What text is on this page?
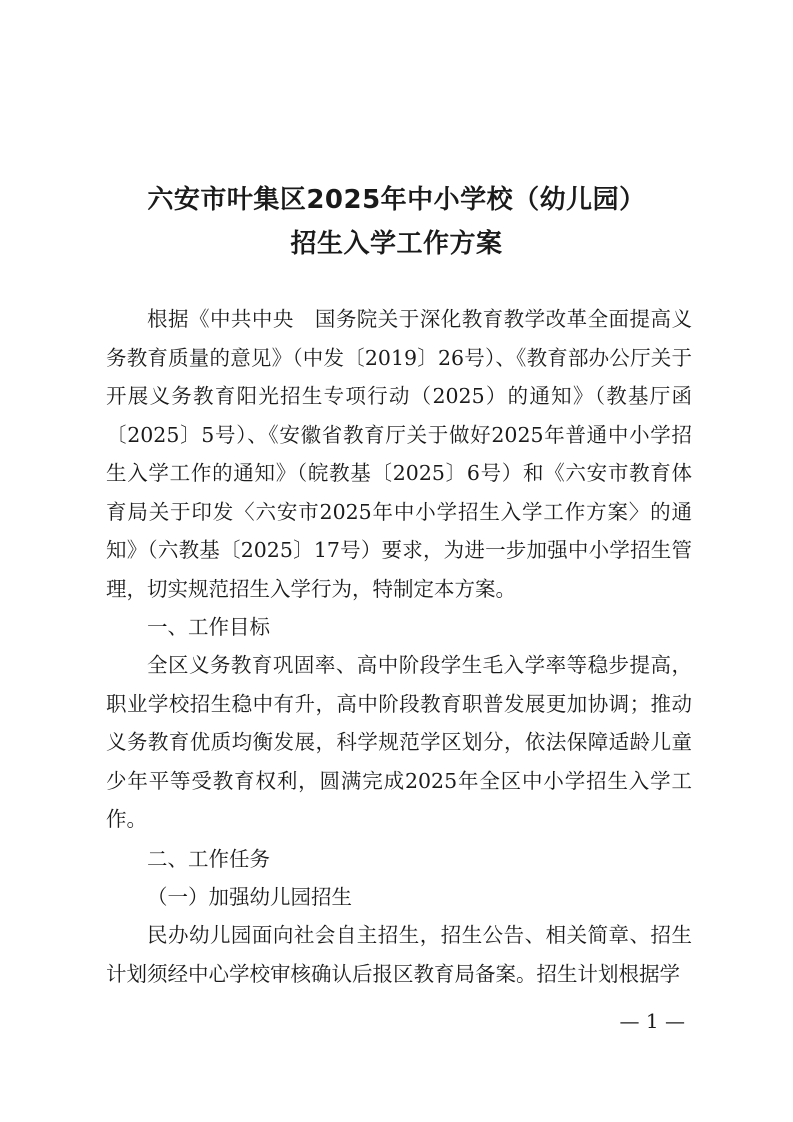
六安市叶集区2025年中小学校（幼儿园）
招生入学工作方案

根据《中共中央　国务院关于深化教育教学改革全面提高义务教育质量的意见》（中发〔2019〕26号）、《教育部办公厅关于开展义务教育阳光招生专项行动（2025）的通知》（教基厅函〔2025〕5号）、《安徽省教育厅关于做好2025年普通中小学招生入学工作的通知》（皖教基〔2025〕6号）和《六安市教育体育局关于印发〈六安市2025年中小学招生入学工作方案〉的通知》（六教基〔2025〕17号）要求，为进一步加强中小学招生管理，切实规范招生入学行为，特制定本方案。

一、工作目标

全区义务教育巩固率、高中阶段学生毛入学率等稳步提高，职业学校招生稳中有升，高中阶段教育职普发展更加协调；推动义务教育优质均衡发展，科学规范学区划分，依法保障适龄儿童少年平等受教育权利，圆满完成2025年全区中小学招生入学工作。

二、工作任务
（一）加强幼儿园招生

民办幼儿园面向社会自主招生，招生公告、相关简章、招生计划须经中心学校审核确认后报区教育局备案。招生计划根据学

— 1 —
